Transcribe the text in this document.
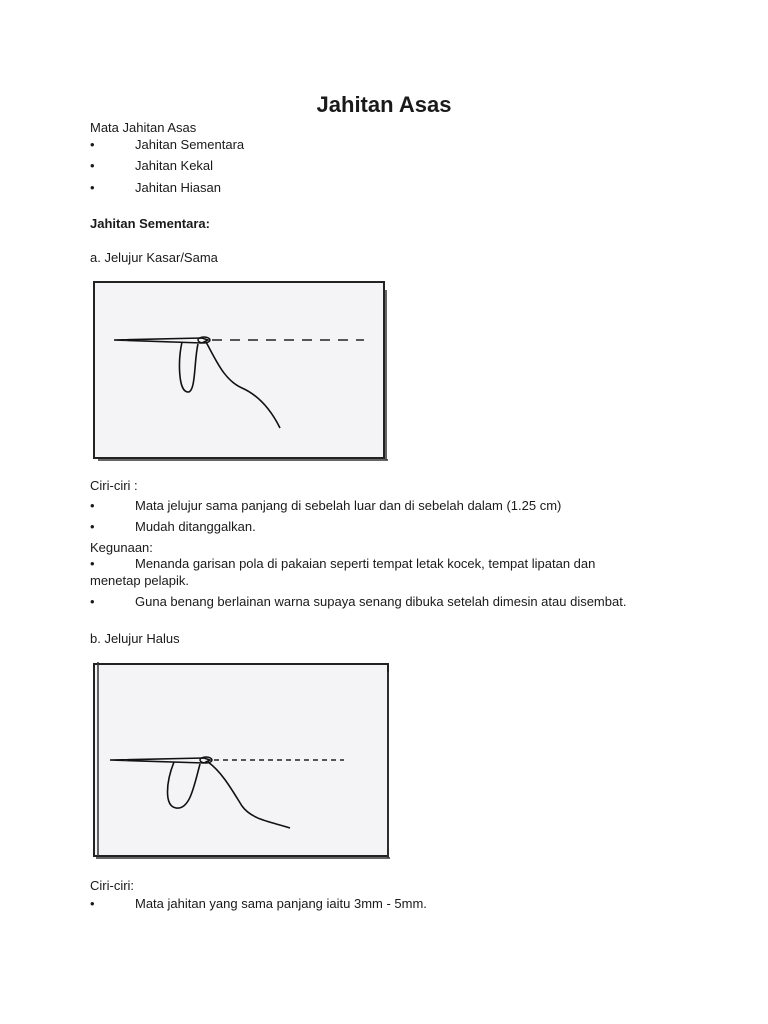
Jahitan Asas
Mata Jahitan Asas
•	Jahitan Sementara
•	Jahitan Kekal
•	Jahitan Hiasan
Jahitan Sementara:
a. Jelujur Kasar/Sama
Ciri-ciri :
•	Mata jelujur sama panjang di sebelah luar dan di sebelah dalam (1.25 cm)
•	Mudah ditanggalkan.
Kegunaan:
•	Menanda garisan pola di pakaian seperti tempat letak kocek, tempat lipatan dan
menetap pelapik.
•	Guna benang berlainan warna supaya senang dibuka setelah dimesin atau disembat.
b. Jelujur Halus
Ciri-ciri:
•	Mata jahitan yang sama panjang iaitu 3mm - 5mm.
